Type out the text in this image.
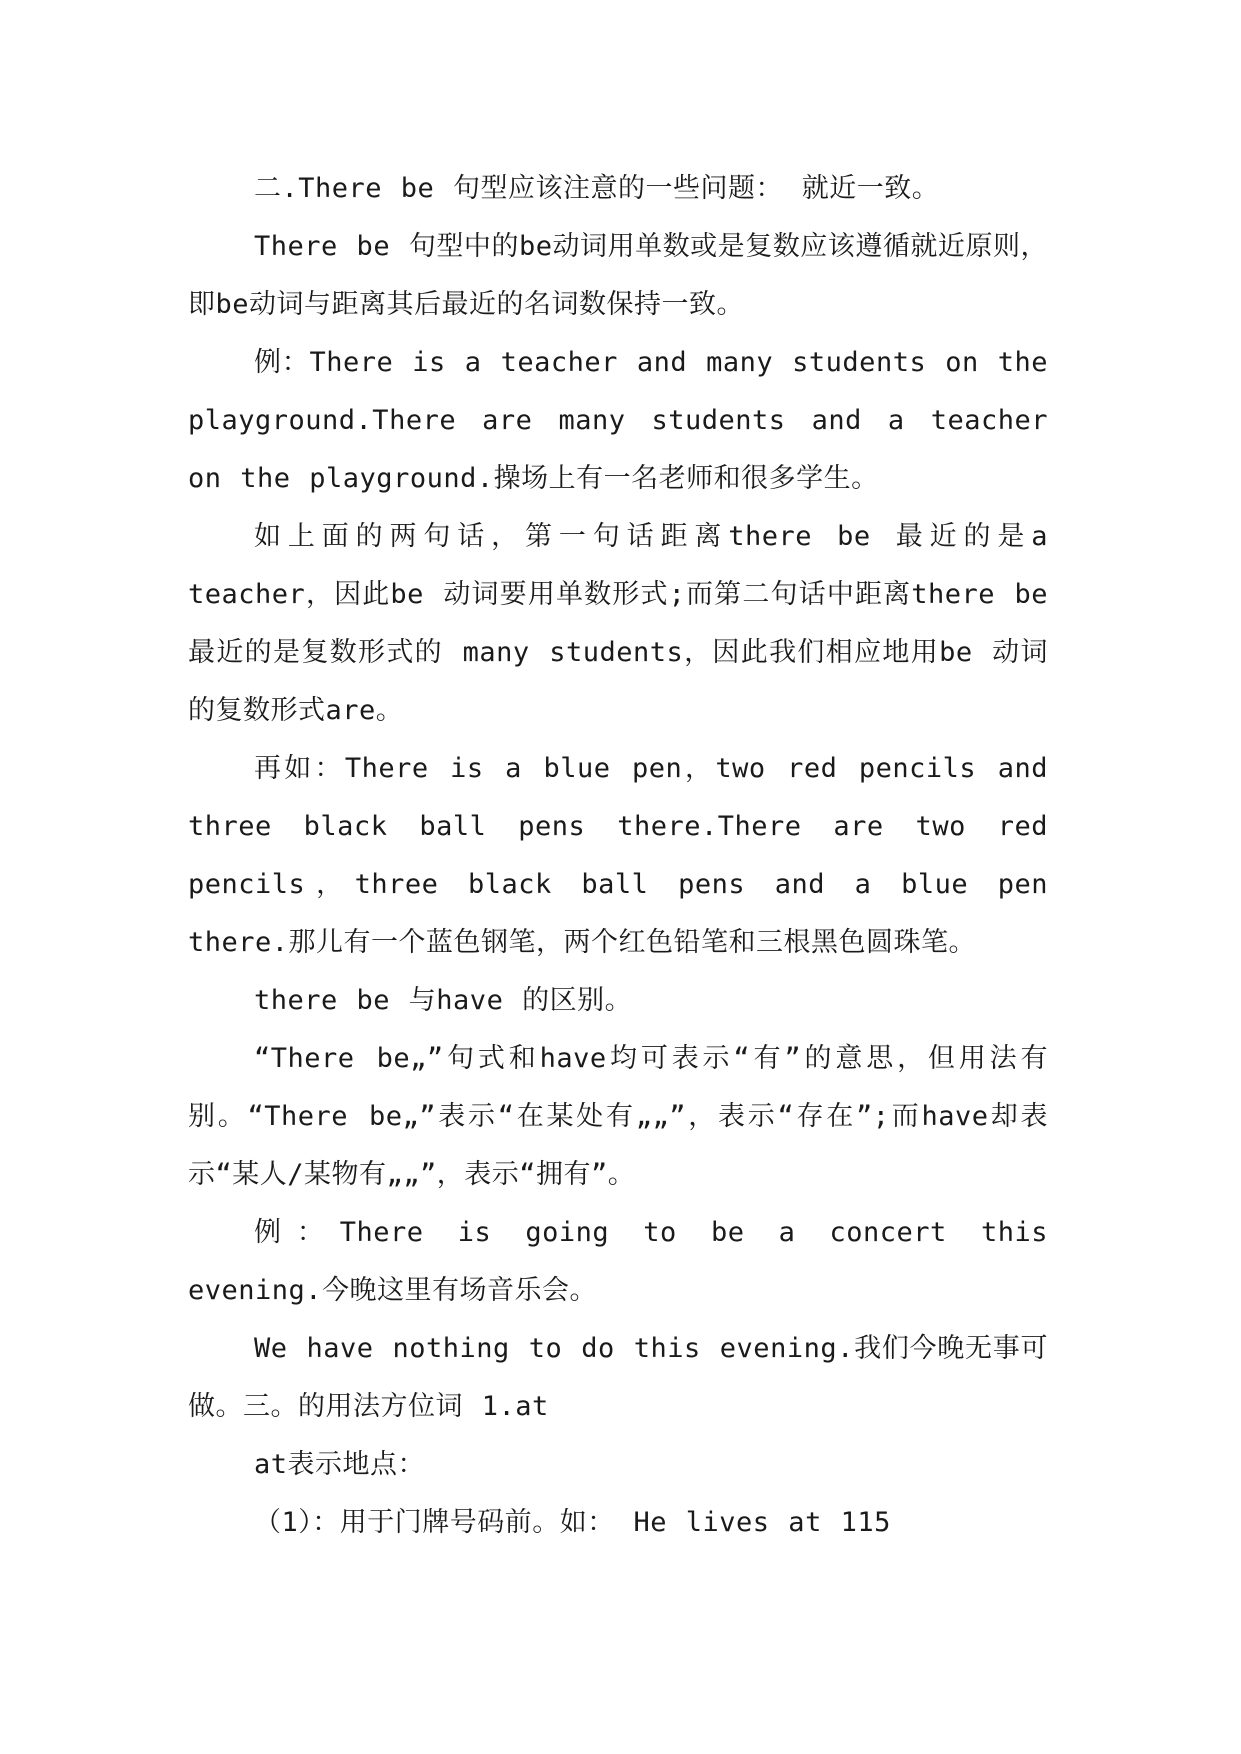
二.There be 句型应该注意的一些问题： 就近一致。

There be 句型中的be动词用单数或是复数应该遵循就近原则，即be动词与距离其后最近的名词数保持一致。

例：There is a teacher and many students on the playground.There are many students and a teacher on the playground.操场上有一名老师和很多学生。

如上面的两句话，第一句话距离there be 最近的是a teacher，因此be 动词要用单数形式;而第二句话中距离there be 最近的是复数形式的 many students，因此我们相应地用be 动词的复数形式are。

再如：There is a blue pen，two red pencils and three black ball pens there.There are two red pencils，three black ball pens and a blue pen there.那儿有一个蓝色钢笔，两个红色铅笔和三根黑色圆珠笔。

there be 与have 的区别。

“There be„”句式和have均可表示“有”的意思，但用法有别。“There be„”表示“在某处有„„”，表示“存在”;而have却表示“某人/某物有„„”，表示“拥有”。

例：There is going to be a concert this evening.今晚这里有场音乐会。

We have nothing to do this evening.我们今晚无事可做。三。的用法方位词 1.at

at表示地点：

（1）：用于门牌号码前。如： He lives at 115
